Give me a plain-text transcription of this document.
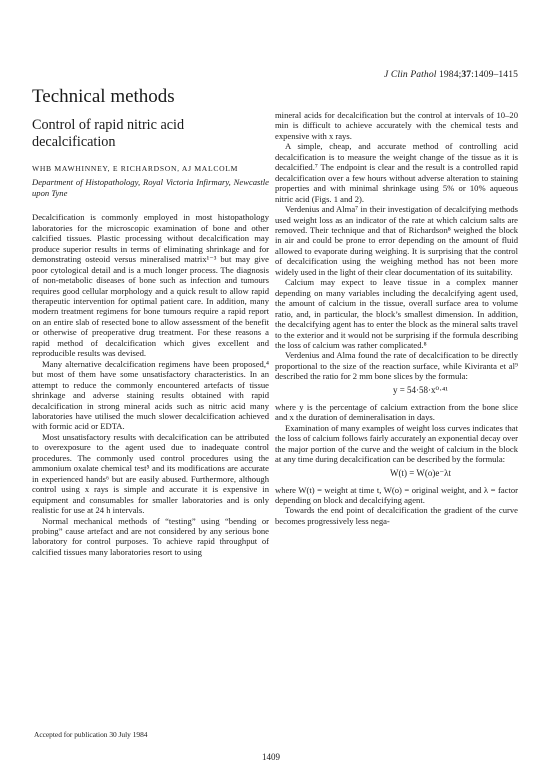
J Clin Pathol 1984;37:1409–1415
Technical methods
Control of rapid nitric acid decalcification
WHB MAWHINNEY, E RICHARDSON, AJ MALCOLM
Department of Histopathology, Royal Victoria Infirmary, Newcastle upon Tyne

Decalcification is commonly employed in most histopathology laboratories for the microscopic examination of bone and other calcified tissues. Plastic processing without decalcification may produce superior results in terms of eliminating shrinkage and for demonstrating osteoid versus mineralised matrix¹⁻³ but may give poor cytological detail and is a much longer process. The diagnosis of non-metabolic diseases of bone such as infection and tumours requires good cellular morphology and a quick result to allow rapid therapeutic intervention for optimal patient care. In addition, many modern treatment regimens for bone tumours require a rapid report on an entire slab of resected bone to allow assessment of the benefit or otherwise of preoperative drug treatment. For these reasons a rapid method of decalcification which gives excellent and reproducible results was devised.

Many alternative decalcification regimens have been proposed,⁴ but most of them have some unsatisfactory characteristics. In an attempt to reduce the commonly encountered artefacts of tissue shrinkage and adverse staining results obtained with rapid decalcification in strong mineral acids such as nitric acid many laboratories have utilised the much slower decalcification achieved with formic acid or EDTA.

Most unsatisfactory results with decalcification can be attributed to overexposure to the agent used due to inadequate control procedures. The commonly used control procedures using the ammonium oxalate chemical test⁵ and its modifications are accurate in experienced hands⁶ but are easily abused. Furthermore, although control using x rays is simple and accurate it is expensive in equipment and consumables for smaller laboratories and is only realistic for use at 24 h intervals.

Normal mechanical methods of “testing” using “bending or probing” cause artefact and are not considered by any serious bone laboratory for control purposes. To achieve rapid throughput of calcified tissues many laboratories resort to using

mineral acids for decalcification but the control at intervals of 10–20 min is difficult to achieve accurately with the chemical tests and expensive with x rays.

A simple, cheap, and accurate method of controlling acid decalcification is to measure the weight change of the tissue as it is decalcified.⁷ The endpoint is clear and the result is a controlled rapid decalcification over a few hours without adverse alteration to staining properties and with minimal shrinkage using 5% or 10% aqueous nitric acid (Figs. 1 and 2).

Verdenius and Alma⁷ in their investigation of decalcifying methods used weight loss as an indicator of the rate at which calcium salts are removed. Their technique and that of Richardson⁸ weighed the block in air and could be prone to error depending on the amount of fluid allowed to evaporate during weighing. It is surprising that the control of decalcification using the weighing method has not been more widely used in the light of their clear documentation of its suitability.

Calcium may expect to leave tissue in a complex manner depending on many variables including the decalcifying agent used, the amount of calcium in the tissue, overall surface area to volume ratio, and, in particular, the block’s smallest dimension. In addition, the decalcifying agent has to enter the block as the mineral salts travel to the exterior and it would not be surprising if the formula describing the loss of calcium was rather complicated.⁸

Verdenius and Alma found the rate of decalcification to be directly proportional to the size of the reaction surface, while Kiviranta et al⁹ described the ratio for 2 mm bone slices by the formula:

y = 54·58·x⁰·⁴¹

where y is the percentage of calcium extraction from the bone slice and x the duration of demineralisation in days.

Examination of many examples of weight loss curves indicates that the loss of calcium follows fairly accurately an exponential decay over the major portion of the curve and the weight of calcium in the block at any time during decalcification can be described by the formula:

W(t) = W(o)e⁻λt

where W(t) = weight at time t, W(o) = original weight, and λ = factor depending on block and decalcifying agent.

Towards the end point of decalcification the gradient of the curve becomes progressively less nega-

Accepted for publication 30 July 1984
1409
